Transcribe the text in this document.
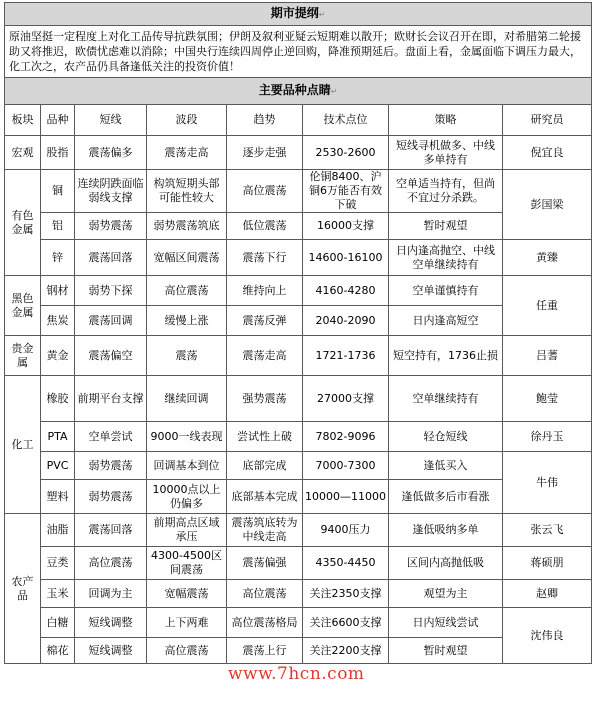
期市提纲↵							
原油坚挺一定程度上对化工品传导抗跌氛围；伊朗及叙利亚疑云短期难以散开；欧财长会议召开在即，对希腊第二轮援助又将推迟，欧债忧虑难以消除；中国央行连续四周停止逆回购，降准预期延后。盘面上看，金属面临下调压力最大，化工次之，农产品仍具备逢低关注的投资价值！							
主要品种点睛↵							
板块	品种	短线	波段	趋势	技术点位	策略	研究员
宏观	股指	震荡偏多	震荡走高	逐步走强	2530-2600	短线寻机做多、中线多单持有	倪宜良
有色金属	铜	连续阴跌面临弱线支撑	构筑短期头部可能性较大	高位震荡	伦铜8400、沪铜6万能否有效下破	空单适当持有，但尚不宜过分杀跌。	彭国梁
	铝	弱势震荡	弱势震荡筑底	低位震荡	16000支撑	暂时观望	
	锌	震荡回落	宽幅区间震荡	震荡下行	14600-16100	日内逢高抛空、中线空单继续持有	黄臻
黑色金属	钢材	弱势下探	高位震荡	维持向上	4160-4280	空单谨慎持有	任重
	焦炭	震荡回调	缓慢上涨	震荡反弹	2040-2090	日内逢高短空	
贵金属	黄金	震荡偏空	震荡	震荡走高	1721-1736	短空持有，1736止损	吕蓍
化工	橡胶	前期平台支撑	继续回调	强势震荡	27000支撑	空单继续持有	鲍莹
	PTA	空单尝试	9000一线表现	尝试性上破	7802-9096	轻仓短线	徐丹玉
	PVC	弱势震荡	回调基本到位	底部完成	7000-7300	逢低买入	牛伟
	塑料	弱势震荡	10000点以上仍偏多	底部基本完成	10000—11000	逢低做多后市看涨	
农产品	油脂	震荡回落	前期高点区域承压	震荡筑底转为中线走高	9400压力	逢低吸纳多单	张云飞
	豆类	高位震荡	4300-4500区间震荡	震荡偏强	4350-4450	区间内高抛低吸	蒋硕朋
	玉米	回调为主	宽幅震荡	高位震荡	关注2350支撑	观望为主	赵卿
	白糖	短线调整	上下两难	高位震荡格局	关注6600支撑	日内短线尝试	沈伟良
	棉花	短线调整	高位震荡	震荡上行	关注2200支撑	暂时观望	
www.7hcn.com
